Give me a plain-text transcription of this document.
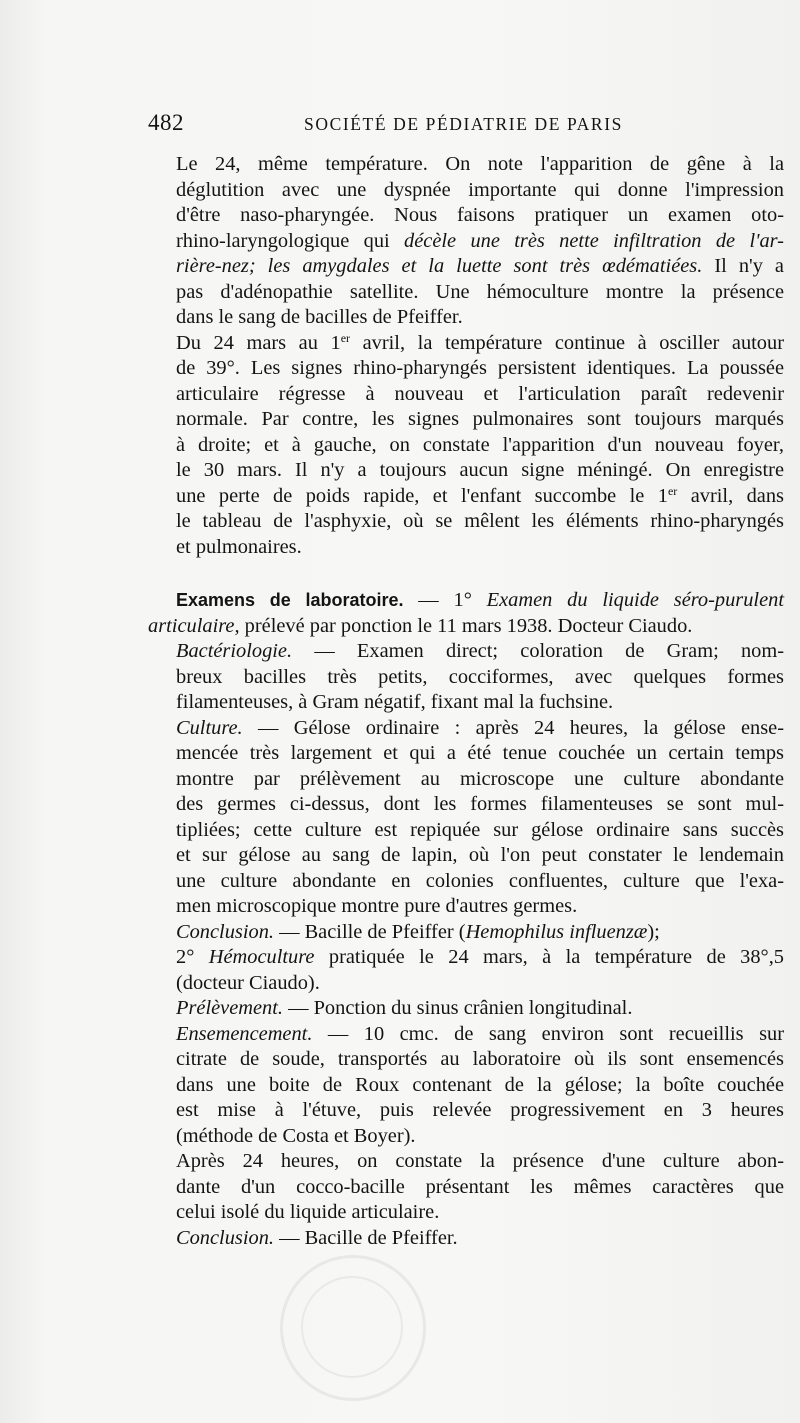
482	SOCIÉTÉ DE PÉDIATRIE DE PARIS

Le 24, même température. On note l'apparition de gêne à la
déglutition avec une dyspnée importante qui donne l'impression
d'être naso-pharyngée. Nous faisons pratiquer un examen oto-
rhino-laryngologique qui décèle une très nette infiltration de l'ar-
rière-nez; les amygdales et la luette sont très œdématiées. Il n'y a
pas d'adénopathie satellite. Une hémoculture montre la présence
dans le sang de bacilles de Pfeiffer.

Du 24 mars au 1er avril, la température continue à osciller autour
de 39°. Les signes rhino-pharyngés persistent identiques. La poussée
articulaire régresse à nouveau et l'articulation paraît redevenir
normale. Par contre, les signes pulmonaires sont toujours marqués
à droite; et à gauche, on constate l'apparition d'un nouveau foyer,
le 30 mars. Il n'y a toujours aucun signe méningé. On enregistre
une perte de poids rapide, et l'enfant succombe le 1er avril, dans
le tableau de l'asphyxie, où se mêlent les éléments rhino-pharyngés
et pulmonaires.

Examens de laboratoire. — 1° Examen du liquide séro-purulent
articulaire, prélevé par ponction le 11 mars 1938. Docteur Ciaudo.

Bactériologie. — Examen direct; coloration de Gram; nom-
breux bacilles très petits, cocciformes, avec quelques formes
filamenteuses, à Gram négatif, fixant mal la fuchsine.

Culture. — Gélose ordinaire : après 24 heures, la gélose ense-
mencée très largement et qui a été tenue couchée un certain temps
montre par prélèvement au microscope une culture abondante
des germes ci-dessus, dont les formes filamenteuses se sont mul-
tipliées; cette culture est repiquée sur gélose ordinaire sans succès
et sur gélose au sang de lapin, où l'on peut constater le lendemain
une culture abondante en colonies confluentes, culture que l'exa-
men microscopique montre pure d'autres germes.

Conclusion. — Bacille de Pfeiffer (Hemophilus influenzæ);

2° Hémoculture pratiquée le 24 mars, à la température de 38°,5
(docteur Ciaudo).

Prélèvement. — Ponction du sinus crânien longitudinal.

Ensemencement. — 10 cmc. de sang environ sont recueillis sur
citrate de soude, transportés au laboratoire où ils sont ensemencés
dans une boite de Roux contenant de la gélose; la boîte couchée
est mise à l'étuve, puis relevée progressivement en 3 heures
(méthode de Costa et Boyer).

Après 24 heures, on constate la présence d'une culture abon-
dante d'un cocco-bacille présentant les mêmes caractères que
celui isolé du liquide articulaire.

Conclusion. — Bacille de Pfeiffer.
